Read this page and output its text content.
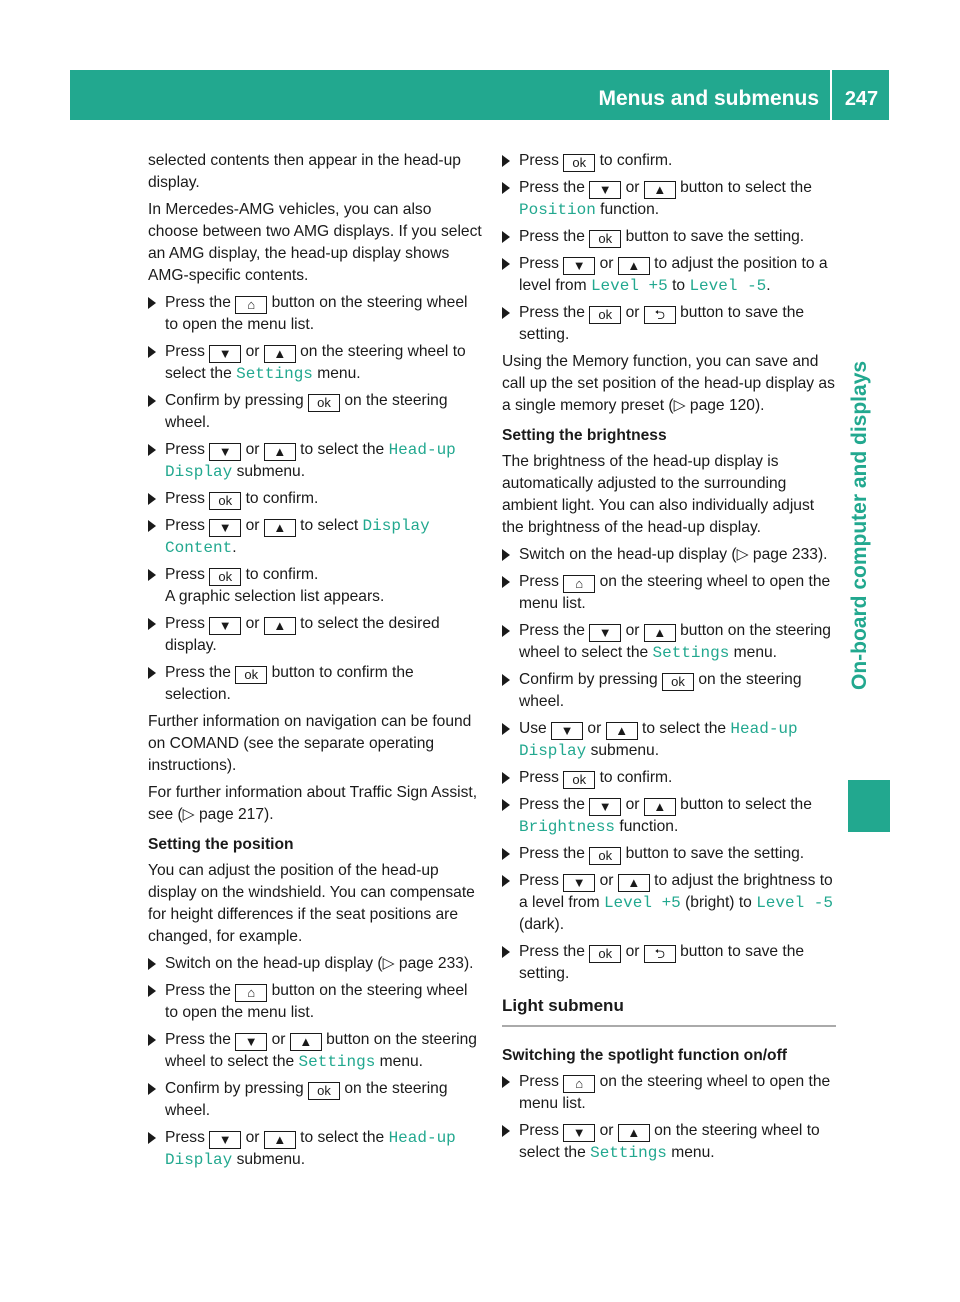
Menus and submenus	247
On-board computer and displays

selected contents then appear in the head-up display.

In Mercedes-AMG vehicles, you can also choose between two AMG displays. If you select an AMG display, the head-up display shows AMG-specific contents.

Press the ⌂ button on the steering wheel to open the menu list.
Press ▼ or ▲ on the steering wheel to select the Settings menu.
Confirm by pressing ok on the steering wheel.
Press ▼ or ▲ to select the Head-up Display submenu.
Press ok to confirm.
Press ▼ or ▲ to select Display Content.
Press ok to confirm.
A graphic selection list appears.
Press ▼ or ▲ to select the desired display.
Press the ok button to confirm the selection.

Further information on navigation can be found on COMAND (see the separate operating instructions).

For further information about Traffic Sign Assist, see (▷ page 217).

Setting the position

You can adjust the position of the head-up display on the windshield. You can compensate for height differences if the seat positions are changed, for example.

Switch on the head-up display (▷ page 233).
Press the ⌂ button on the steering wheel to open the menu list.
Press the ▼ or ▲ button on the steering wheel to select the Settings menu.
Confirm by pressing ok on the steering wheel.
Press ▼ or ▲ to select the Head-up Display submenu.
Press ok to confirm.
Press the ▼ or ▲ button to select the Position function.
Press the ok button to save the setting.
Press ▼ or ▲ to adjust the position to a level from Level +5 to Level -5.
Press the ok or ⮌ button to save the setting.

Using the Memory function, you can save and call up the set position of the head-up display as a single memory preset (▷ page 120).

Setting the brightness

The brightness of the head-up display is automatically adjusted to the surrounding ambient light. You can also individually adjust the brightness of the head-up display.

Switch on the head-up display (▷ page 233).
Press ⌂ on the steering wheel to open the menu list.
Press the ▼ or ▲ button on the steering wheel to select the Settings menu.
Confirm by pressing ok on the steering wheel.
Use ▼ or ▲ to select the Head-up Display submenu.
Press ok to confirm.
Press the ▼ or ▲ button to select the Brightness function.
Press the ok button to save the setting.
Press ▼ or ▲ to adjust the brightness to a level from Level +5 (bright) to Level -5 (dark).
Press the ok or ⮌ button to save the setting.
Light submenu
Switching the spotlight function on/off
Press ⌂ on the steering wheel to open the menu list.
Press ▼ or ▲ on the steering wheel to select the Settings menu.
